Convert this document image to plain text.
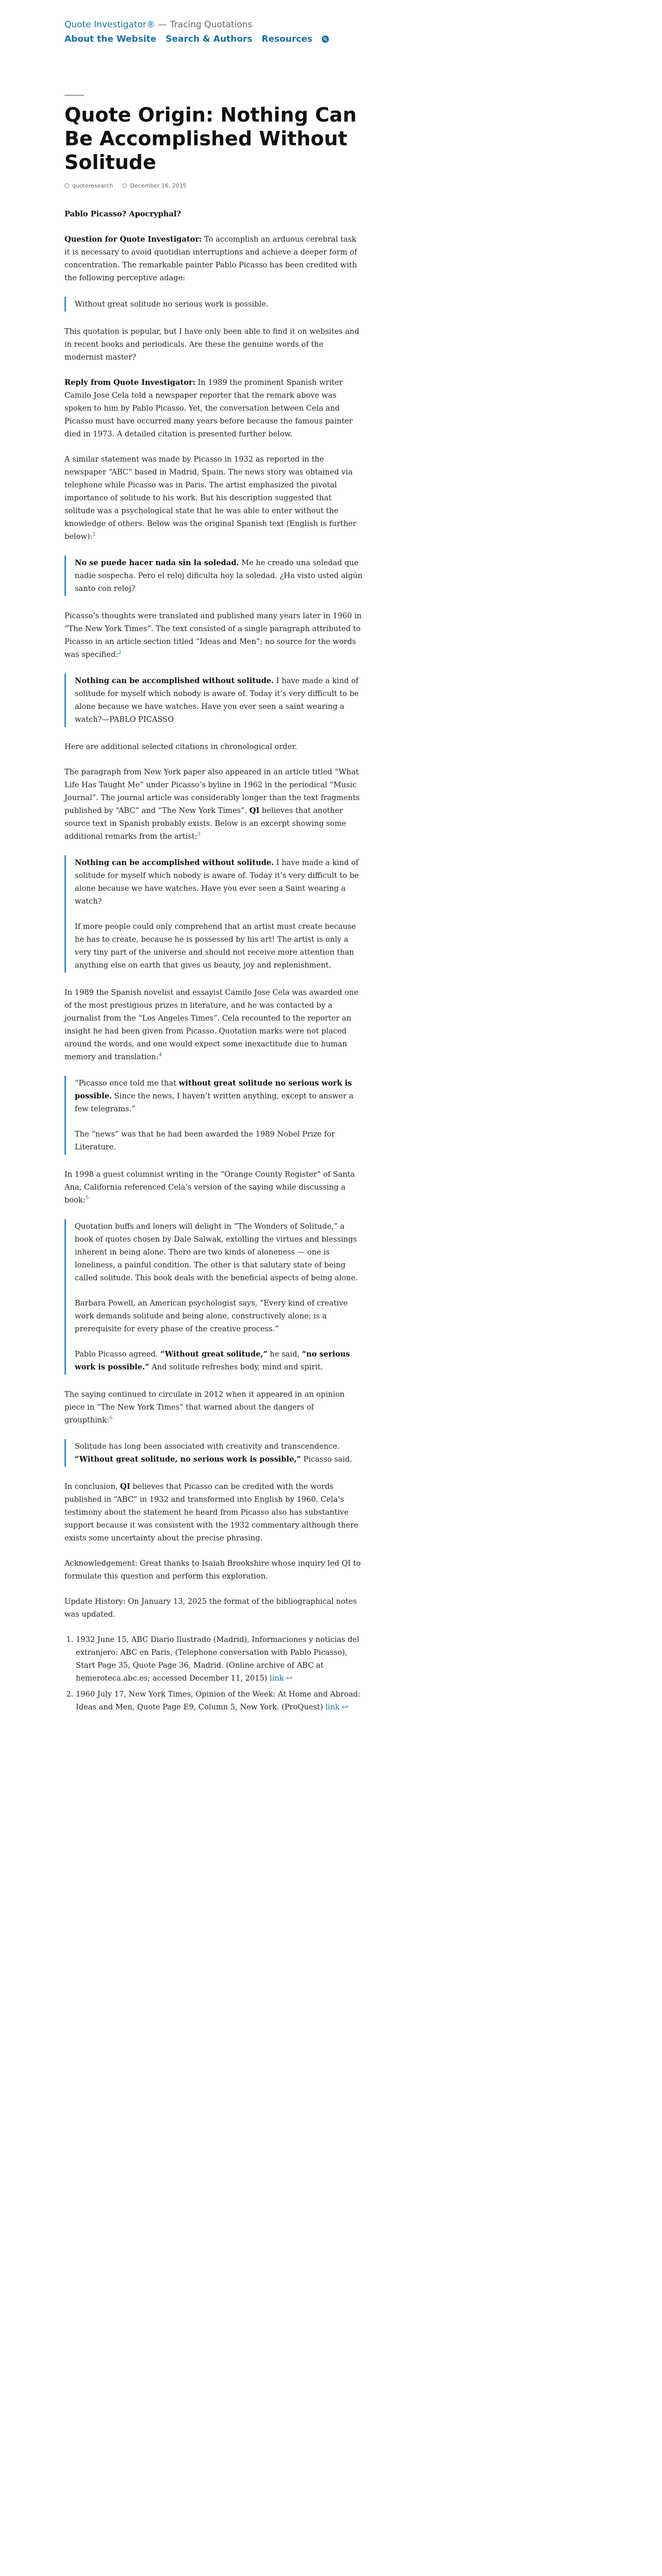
Quote Investigator® — Tracing Quotations
About the Website Search & Authors Resources
Quote Origin: Nothing Can Be Accomplished Without Solitude
quoteresearch	December 16, 2015

Pablo Picasso? Apocryphal?

Question for Quote Investigator: To accomplish an arduous cerebral task it is necessary to avoid quotidian interruptions and achieve a deeper form of concentration. The remarkable painter Pablo Picasso has been credited with the following perceptive adage:

Without great solitude no serious work is possible.

This quotation is popular, but I have only been able to find it on websites and in recent books and periodicals. Are these the genuine words of the modernist master?

Reply from Quote Investigator: In 1989 the prominent Spanish writer Camilo Jose Cela told a newspaper reporter that the remark above was spoken to him by Pablo Picasso. Yet, the conversation between Cela and Picasso must have occurred many years before because the famous painter died in 1973. A detailed citation is presented further below.

A similar statement was made by Picasso in 1932 as reported in the newspaper “ABC” based in Madrid, Spain. The news story was obtained via telephone while Picasso was in Paris. The artist emphasized the pivotal importance of solitude to his work. But his description suggested that solitude was a psychological state that he was able to enter without the knowledge of others. Below was the original Spanish text (English is further below):$^1$

No se puede hacer nada sin la soledad. Me he creado una soledad que nadie sospecha. Pero el reloj dificulta hoy la soledad. ¿Ha visto usted algún santo con reloj?

Picasso’s thoughts were translated and published many years later in 1960 in “The New York Times”. The text consisted of a single paragraph attributed to Picasso in an article section titled “Ideas and Men”; no source for the words was specified:$^2$

Nothing can be accomplished without solitude. I have made a kind of solitude for myself which nobody is aware of. Today it’s very difficult to be alone because we have watches. Have you ever seen a saint wearing a watch?—PABLO PICASSO

Here are additional selected citations in chronological order.

The paragraph from New York paper also appeared in an article titled “What Life Has Taught Me” under Picasso’s byline in 1962 in the periodical “Music Journal”. The journal article was considerably longer than the text fragments published by “ABC” and “The New York Times”. QI believes that another source text in Spanish probably exists. Below is an excerpt showing some additional remarks from the artist:$^3$

Nothing can be accomplished without solitude. I have made a kind of solitude for myself which nobody is aware of. Today it’s very difficult to be alone because we have watches. Have you ever seen a Saint wearing a watch?

If more people could only comprehend that an artist must create because he has to create, because he is possessed by his art! The artist is only a very tiny part of the universe and should not receive more attention than anything else on earth that gives us beauty, joy and replenishment.

In 1989 the Spanish novelist and essayist Camilo Jose Cela was awarded one of the most prestigious prizes in literature, and he was contacted by a journalist from the “Los Angeles Times”. Cela recounted to the reporter an insight he had been given from Picasso. Quotation marks were not placed around the words, and one would expect some inexactitude due to human memory and translation:$^4$

“Picasso once told me that without great solitude no serious work is possible. Since the news, I haven’t written anything, except to answer a few telegrams.”

The “news” was that he had been awarded the 1989 Nobel Prize for Literature.

In 1998 a guest columnist writing in the “Orange County Register” of Santa Ana, California referenced Cela’s version of the saying while discussing a book:$^5$

Quotation buffs and loners will delight in “The Wonders of Solitude,” a book of quotes chosen by Dale Salwak, extolling the virtues and blessings inherent in being alone. There are two kinds of aloneness — one is loneliness, a painful condition. The other is that salutary state of being called solitude. This book deals with the beneficial aspects of being alone.

Barbara Powell, an American psychologist says, “Every kind of creative work demands solitude and being alone, constructively alone; is a prerequisite for every phase of the creative process.”

Pablo Picasso agreed. “Without great solitude,” he said, “no serious work is possible.” And solitude refreshes body, mind and spirit.

The saying continued to circulate in 2012 when it appeared in an opinion piece in “The New York Times” that warned about the dangers of groupthink:$^6$

Solitude has long been associated with creativity and transcendence. “Without great solitude, no serious work is possible,” Picasso said.

In conclusion, QI believes that Picasso can be credited with the words published in “ABC” in 1932 and transformed into English by 1960. Cela’s testimony about the statement he heard from Picasso also has substantive support because it was consistent with the 1932 commentary although there exists some uncertainty about the precise phrasing.

Acknowledgement: Great thanks to Isaiah Brookshire whose inquiry led QI to formulate this question and perform this exploration.

Update History: On January 13, 2025 the format of the bibliographical notes was updated.

1. 1932 June 15, ABC Diario Ilustrado (Madrid), Informaciones y noticias del extranjero: ABC en Paris, (Telephone conversation with Pablo Picasso), Start Page 35, Quote Page 36, Madrid. (Online archive of ABC at hemeroteca.abc.es; accessed December 11, 2015) link ↩
2. 1960 July 17, New York Times, Opinion of the Week: At Home and Abroad: Ideas and Men, Quote Page E9, Column 5, New York. (ProQuest) link ↩
